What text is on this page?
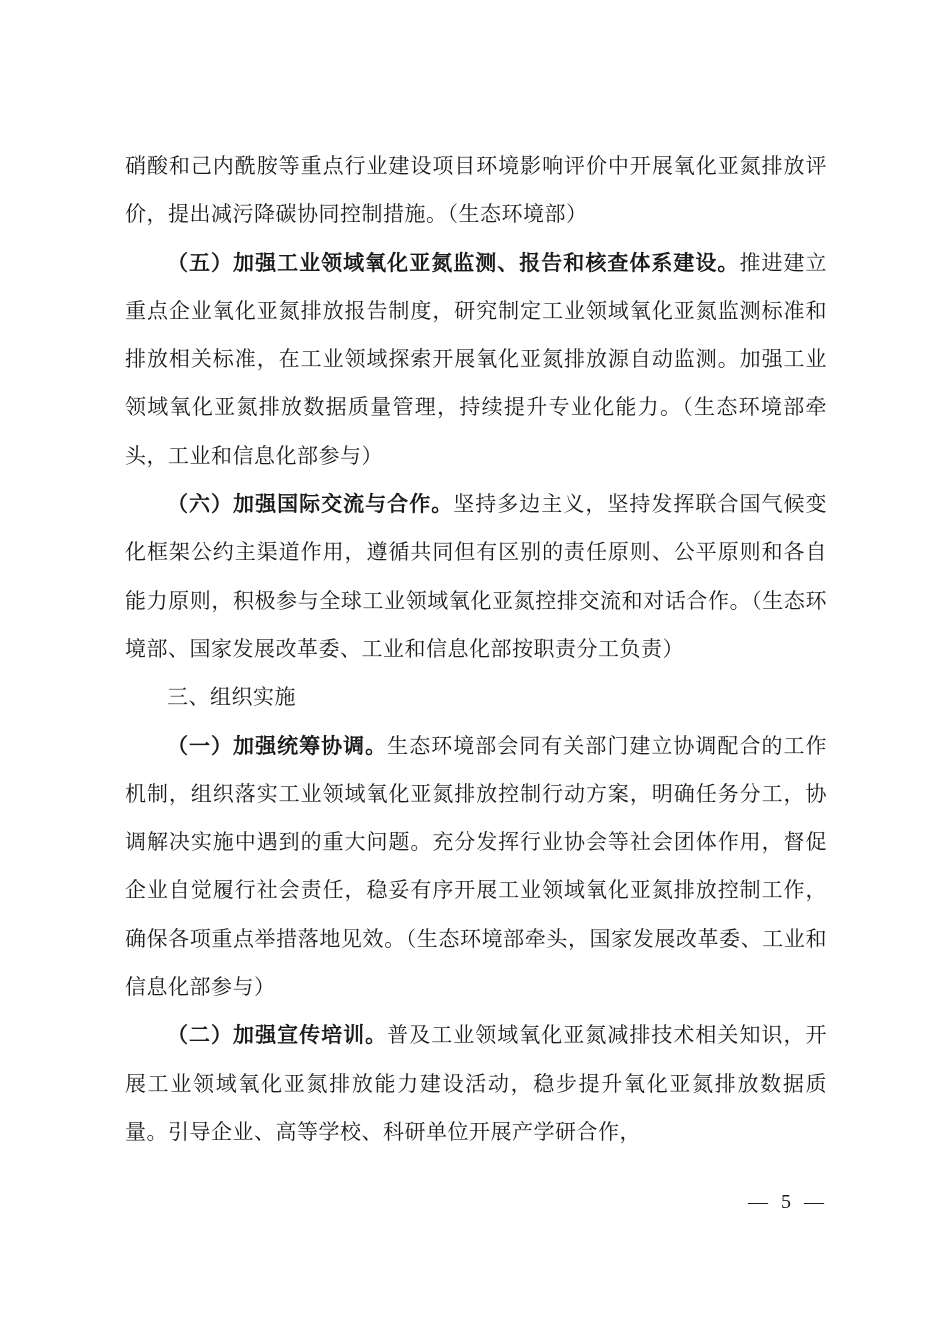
硝酸和己内酰胺等重点行业建设项目环境影响评价中开展氧化亚氮排放评价，提出减污降碳协同控制措施。（生态环境部）

（五）加强工业领域氧化亚氮监测、报告和核查体系建设。推进建立重点企业氧化亚氮排放报告制度，研究制定工业领域氧化亚氮监测标准和排放相关标准，在工业领域探索开展氧化亚氮排放源自动监测。加强工业领域氧化亚氮排放数据质量管理，持续提升专业化能力。（生态环境部牵头，工业和信息化部参与）

（六）加强国际交流与合作。坚持多边主义，坚持发挥联合国气候变化框架公约主渠道作用，遵循共同但有区别的责任原则、公平原则和各自能力原则，积极参与全球工业领域氧化亚氮控排交流和对话合作。（生态环境部、国家发展改革委、工业和信息化部按职责分工负责）

三、组织实施

（一）加强统筹协调。生态环境部会同有关部门建立协调配合的工作机制，组织落实工业领域氧化亚氮排放控制行动方案，明确任务分工，协调解决实施中遇到的重大问题。充分发挥行业协会等社会团体作用，督促企业自觉履行社会责任，稳妥有序开展工业领域氧化亚氮排放控制工作，确保各项重点举措落地见效。（生态环境部牵头，国家发展改革委、工业和信息化部参与）

（二）加强宣传培训。普及工业领域氧化亚氮减排技术相关知识，开展工业领域氧化亚氮排放能力建设活动，稳步提升氧化亚氮排放数据质量。引导企业、高等学校、科研单位开展产学研合作，

— 5 —
